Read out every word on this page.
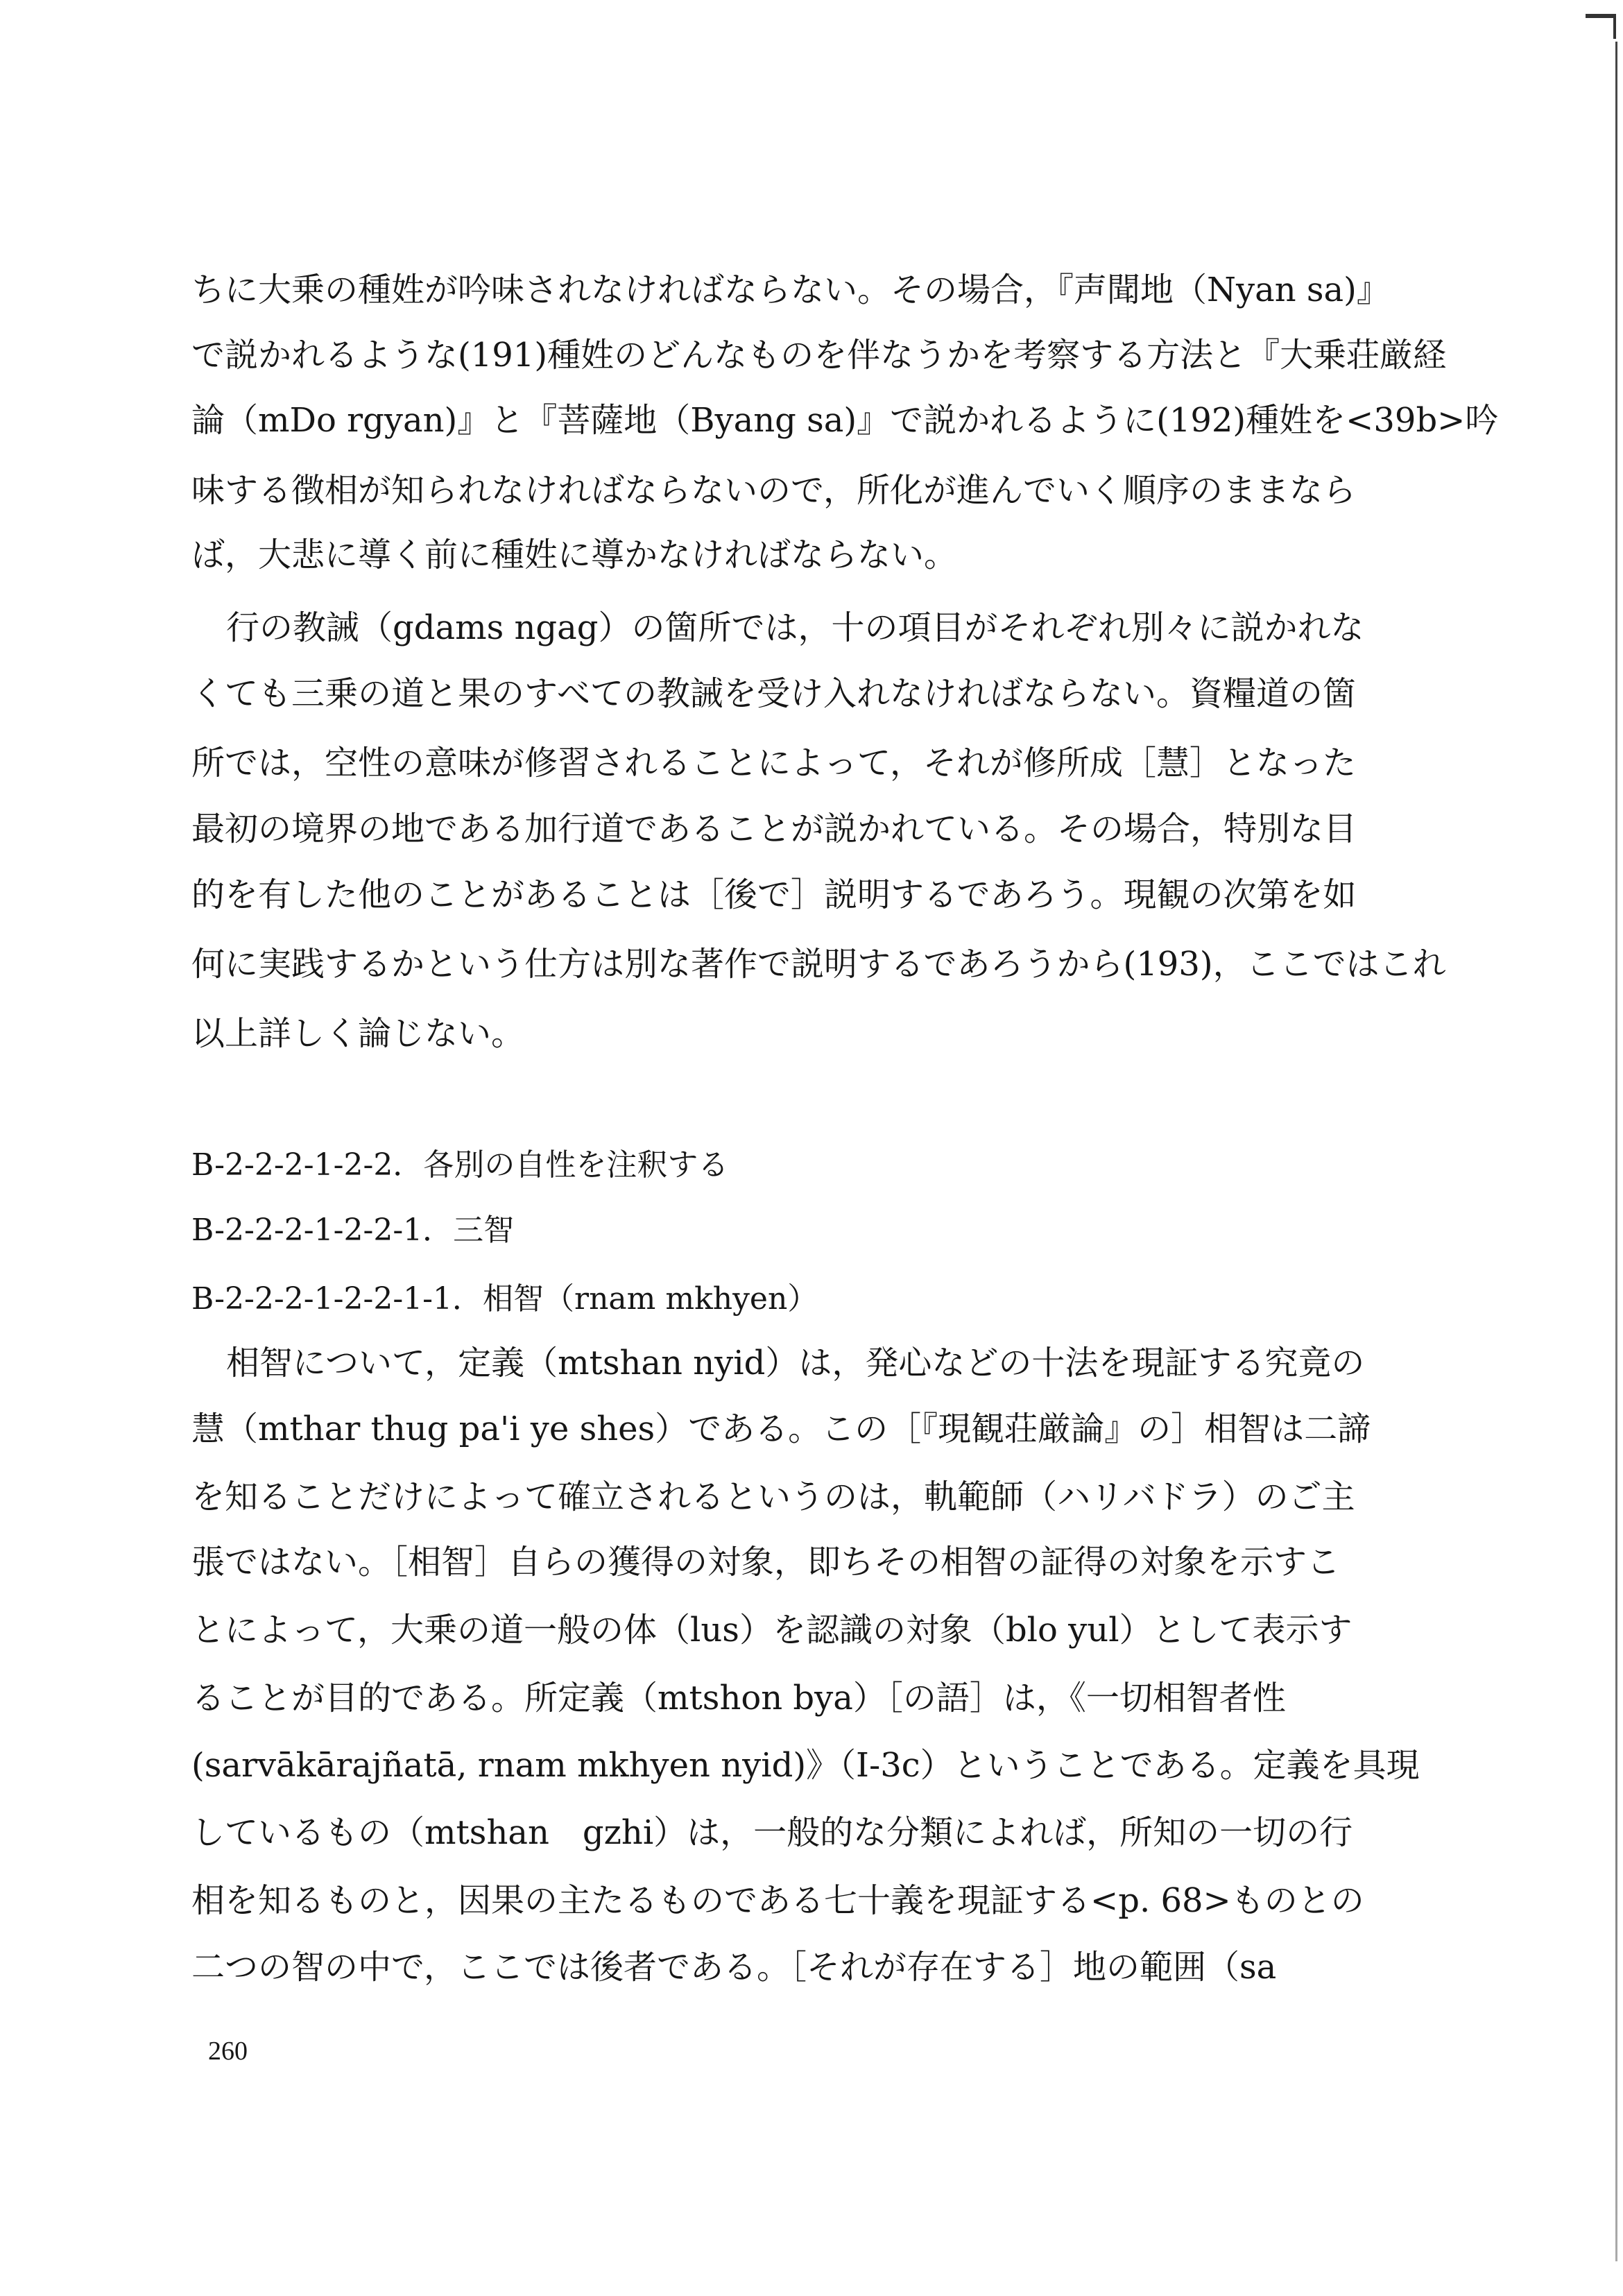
ちに大乗の種姓が吟味されなければならない。その場合，『声聞地（Nyan sa)』
で説かれるような(191)種姓のどんなものを伴なうかを考察する方法と『大乗荘厳経
論（mDo rgyan)』と『菩薩地（Byang sa)』で説かれるように(192)種姓を<39b>吟
味する徴相が知られなければならないので，所化が進んでいく順序のままなら
ば，大悲に導く前に種姓に導かなければならない。
行の教誡（gdams ngag）の箇所では，十の項目がそれぞれ別々に説かれな
くても三乗の道と果のすべての教誡を受け入れなければならない。資糧道の箇
所では，空性の意味が修習されることによって，それが修所成［慧］となった
最初の境界の地である加行道であることが説かれている。その場合，特別な目
的を有した他のことがあることは［後で］説明するであろう。現観の次第を如
何に実践するかという仕方は別な著作で説明するであろうから(193)，ここではこれ
以上詳しく論じない。
B-2-2-2-1-2-2．各別の自性を注釈する
B-2-2-2-1-2-2-1．三智
B-2-2-2-1-2-2-1-1．相智（rnam mkhyen）
相智について，定義（mtshan nyid）は，発心などの十法を現証する究竟の
慧（mthar thug pa'i ye shes）である。この［『現観荘厳論』の］相智は二諦
を知ることだけによって確立されるというのは，軌範師（ハリバドラ）のご主
張ではない。［相智］自らの獲得の対象，即ちその相智の証得の対象を示すこ
とによって，大乗の道一般の体（lus）を認識の対象（blo yul）として表示す
ることが目的である。所定義（mtshon bya）［の語］は，《一切相智者性
(sarvākārajñatā, rnam mkhyen nyid)》（I-3c）ということである。定義を具現
しているもの（mtshan　gzhi）は，一般的な分類によれば，所知の一切の行
相を知るものと，因果の主たるものである七十義を現証する<p. 68>ものとの
二つの智の中で，ここでは後者である。［それが存在する］地の範囲（sa
260
